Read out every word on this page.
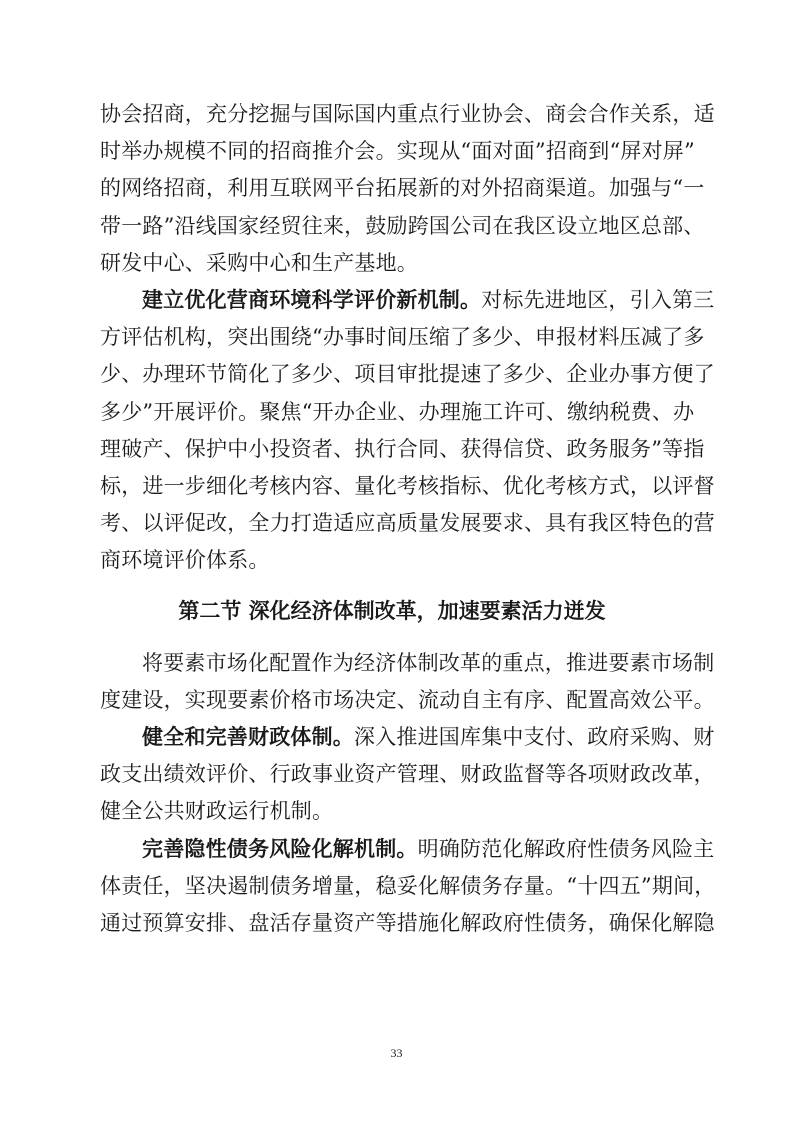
协会招商，充分挖掘与国际国内重点行业协会、商会合作关系，适
时举办规模不同的招商推介会。实现从“面对面”招商到“屏对屏”
的网络招商，利用互联网平台拓展新的对外招商渠道。加强与“一
带一路”沿线国家经贸往来，鼓励跨国公司在我区设立地区总部、
研发中心、采购中心和生产基地。
建立优化营商环境科学评价新机制。对标先进地区，引入第三
方评估机构，突出围绕“办事时间压缩了多少、申报材料压减了多
少、办理环节简化了多少、项目审批提速了多少、企业办事方便了
多少”开展评价。聚焦“开办企业、办理施工许可、缴纳税费、办
理破产、保护中小投资者、执行合同、获得信贷、政务服务”等指
标，进一步细化考核内容、量化考核指标、优化考核方式，以评督
考、以评促改，全力打造适应高质量发展要求、具有我区特色的营
商环境评价体系。
第二节 深化经济体制改革，加速要素活力迸发
将要素市场化配置作为经济体制改革的重点，推进要素市场制
度建设，实现要素价格市场决定、流动自主有序、配置高效公平。
健全和完善财政体制。深入推进国库集中支付、政府采购、财
政支出绩效评价、行政事业资产管理、财政监督等各项财政改革，
健全公共财政运行机制。
完善隐性债务风险化解机制。明确防范化解政府性债务风险主
体责任，坚决遏制债务增量，稳妥化解债务存量。“十四五”期间，
通过预算安排、盘活存量资产等措施化解政府性债务，确保化解隐
33
